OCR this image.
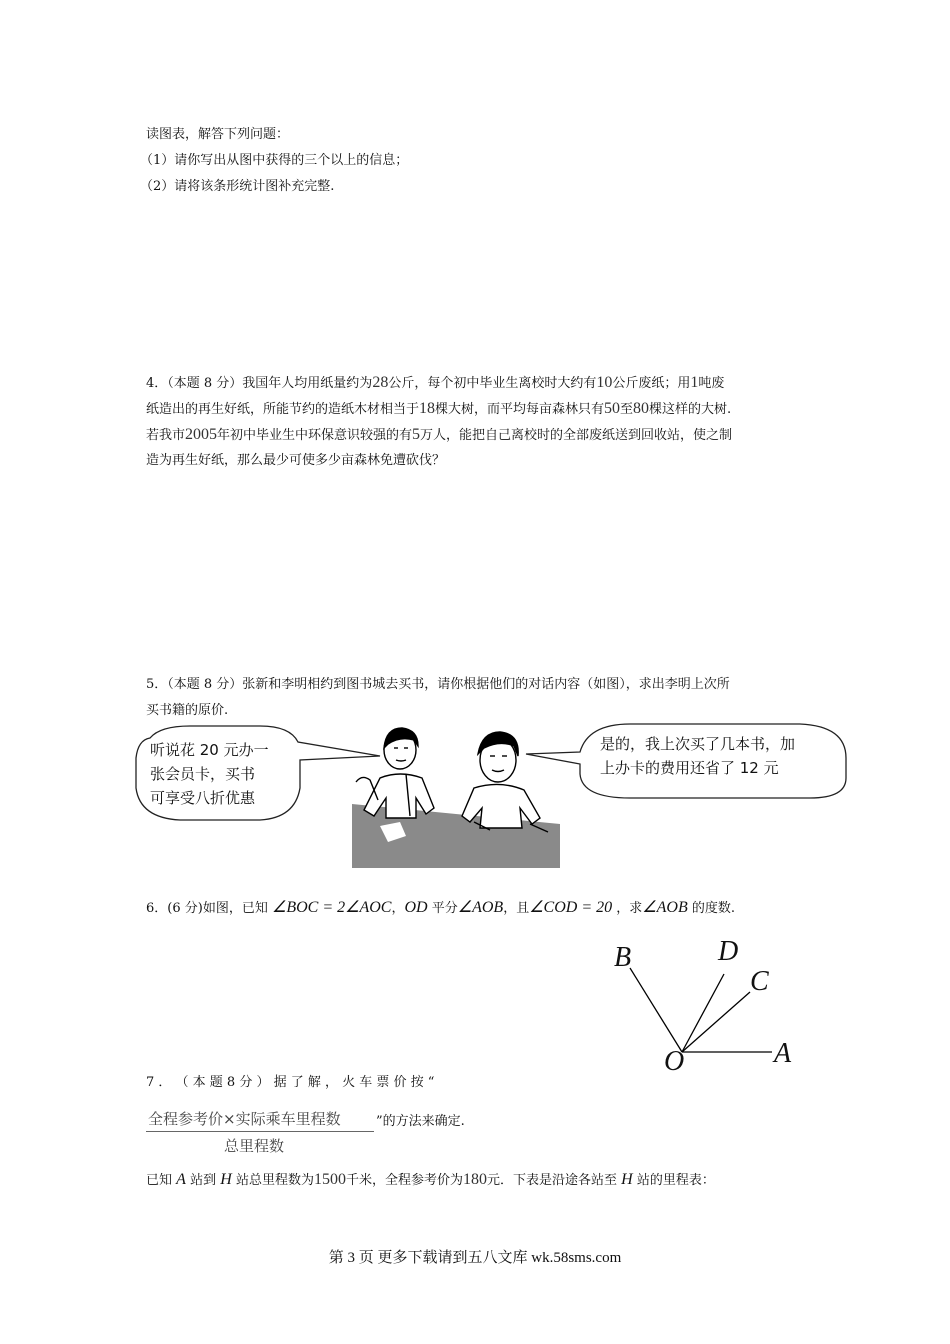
读图表，解答下列问题：
（1）请你写出从图中获得的三个以上的信息；
（2）请将该条形统计图补充完整.
4．（本题 8 分）我国年人均用纸量约为28公斤，每个初中毕业生离校时大约有10公斤废纸；用1吨废
纸造出的再生好纸，所能节约的造纸木材相当于18棵大树，而平均每亩森林只有50至80棵这样的大树.
若我市2005年初中毕业生中环保意识较强的有5万人，能把自己离校时的全部废纸送到回收站，使之制
造为再生好纸，那么最少可使多少亩森林免遭砍伐？
5．（本题 8 分）张新和李明相约到图书城去买书，请你根据他们的对话内容（如图），求出李明上次所
买书籍的原价.
听说花 20 元办一
张会员卡，买书
可享受八折优惠
是的，我上次买了几本书，加
上办卡的费用还省了 12 元
6．(6 分)如图，已知 ∠BOC = 2∠AOC，OD 平分∠AOB，且∠COD = 20 ，求∠AOB 的度数.
B	D
C
O	A
7 ． （ 本 题 8 分 ） 据 了 解 ， 火 车 票 价 按 “
全程参考价×实际乘车里程数
总里程数
”的方法来确定.
已知 A 站到 H 站总里程数为1500千米，全程参考价为180元．下表是沿途各站至 H 站的里程表：
第 3 页 更多下载请到五八文库 wk.58sms.com
